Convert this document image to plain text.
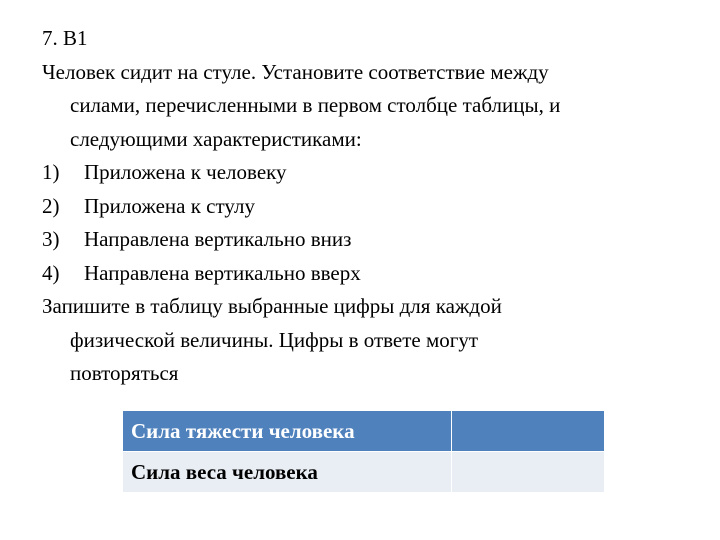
7. В1
Человек сидит на стуле. Установите соответствие между
силами, перечисленными в первом столбце таблицы, и
следующими характеристиками:
1)	Приложена к человеку
2)	Приложена к стулу
3)	Направлена вертикально вниз
4)	Направлена вертикально вверх
Запишите в таблицу выбранные цифры для каждой
физической величины. Цифры в ответе могут
повторяться
Сила тяжести человека	
Сила веса человека	
